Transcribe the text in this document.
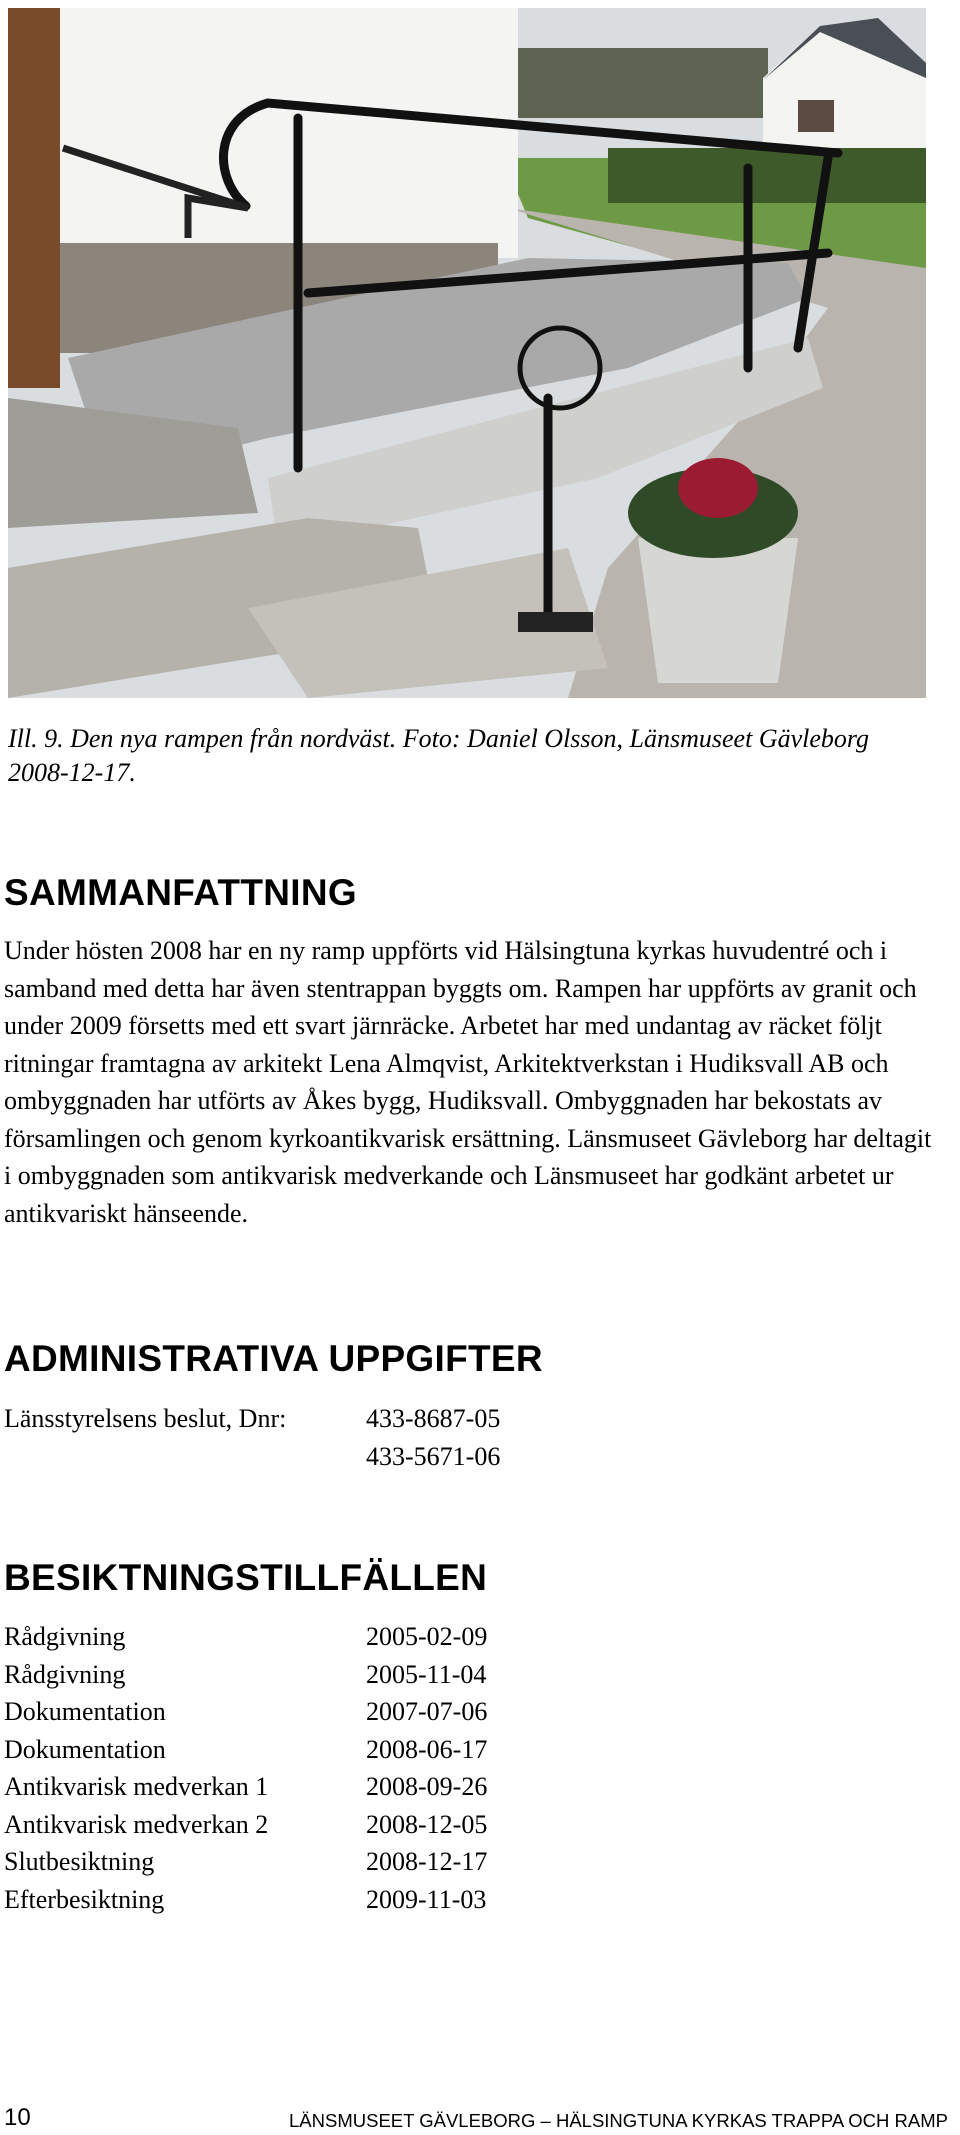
Ill. 9. Den nya rampen från nordväst. Foto: Daniel Olsson, Länsmuseet Gävleborg 2008-12-17.

SAMMANFATTNING

Under hösten 2008 har en ny ramp uppförts vid Hälsingtuna kyrkas huvudentré och i samband med detta har även stentrappan byggts om. Rampen har uppförts av granit och under 2009 försetts med ett svart järnräcke. Arbetet har med undantag av räcket följt ritningar framtagna av arkitekt Lena Almqvist, Arkitektverkstan i Hudiksvall AB och ombyggnaden har utförts av Åkes bygg, Hudiksvall. Ombyggnaden har bekostats av församlingen och genom kyrkoantikvarisk ersättning. Länsmuseet Gävleborg har deltagit i ombyggnaden som antikvarisk medverkande och Länsmuseet har godkänt arbetet ur antikvariskt hänseende.

ADMINISTRATIVA UPPGIFTER
Länsstyrelsens beslut, Dnr:	433-8687-05
433-5671-06
BESIKTNINGSTILLFÄLLEN
Rådgivning	2005-02-09
Rådgivning	2005-11-04
Dokumentation	2007-07-06
Dokumentation	2008-06-17
Antikvarisk medverkan 1	2008-09-26
Antikvarisk medverkan 2	2008-12-05
Slutbesiktning	2008-12-17
Efterbesiktning	2009-11-03
10	LÄNSMUSEET GÄVLEBORG – HÄLSINGTUNA KYRKAS TRAPPA OCH RAMP
